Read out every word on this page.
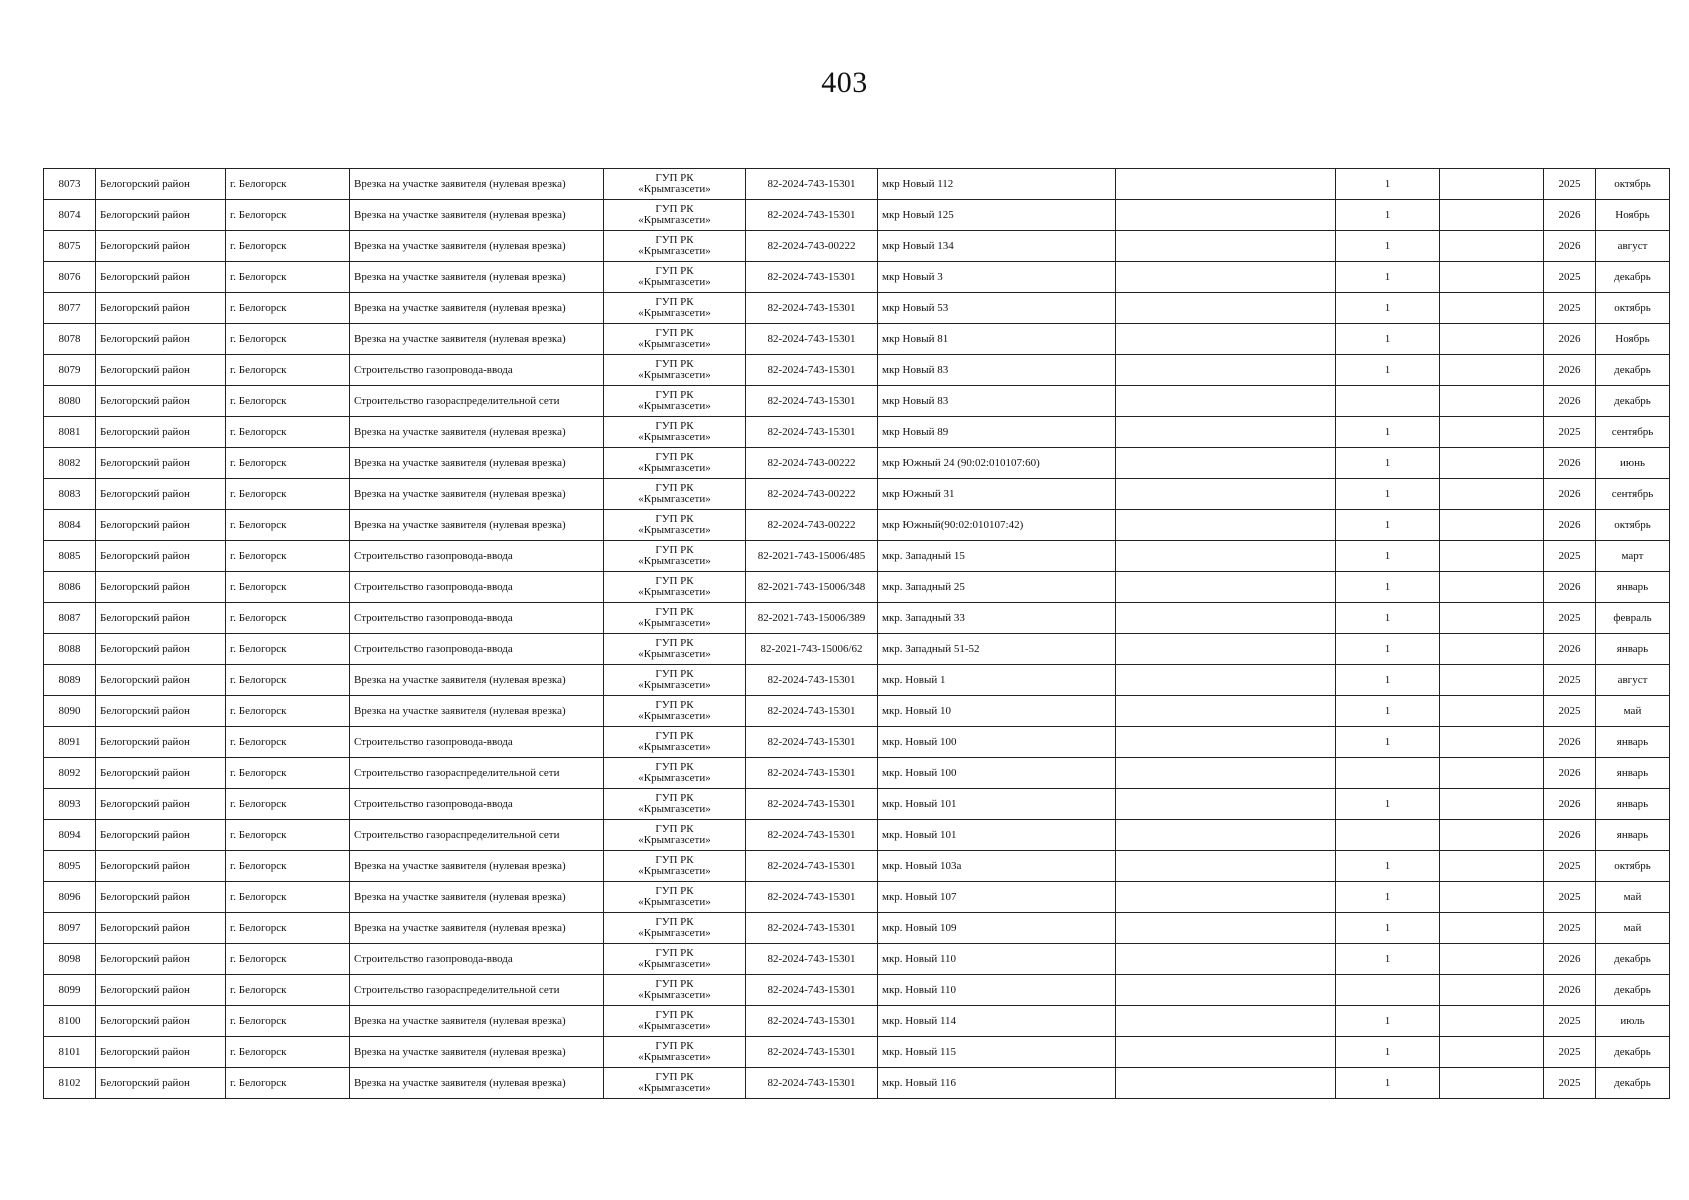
403
8073	Белогорский район	г. Белогорск	Врезка на участке заявителя (нулевая врезка)	ГУП РК
«Крымгазсети»	82-2024-743-15301	мкр Новый 112		1		2025	октябрь
8074	Белогорский район	г. Белогорск	Врезка на участке заявителя (нулевая врезка)	ГУП РК
«Крымгазсети»	82-2024-743-15301	мкр Новый 125		1		2026	Ноябрь
8075	Белогорский район	г. Белогорск	Врезка на участке заявителя (нулевая врезка)	ГУП РК
«Крымгазсети»	82-2024-743-00222	мкр Новый 134		1		2026	август
8076	Белогорский район	г. Белогорск	Врезка на участке заявителя (нулевая врезка)	ГУП РК
«Крымгазсети»	82-2024-743-15301	мкр Новый 3		1		2025	декабрь
8077	Белогорский район	г. Белогорск	Врезка на участке заявителя (нулевая врезка)	ГУП РК
«Крымгазсети»	82-2024-743-15301	мкр Новый 53		1		2025	октябрь
8078	Белогорский район	г. Белогорск	Врезка на участке заявителя (нулевая врезка)	ГУП РК
«Крымгазсети»	82-2024-743-15301	мкр Новый 81		1		2026	Ноябрь
8079	Белогорский район	г. Белогорск	Строительство газопровода-ввода	ГУП РК
«Крымгазсети»	82-2024-743-15301	мкр Новый 83		1		2026	декабрь
8080	Белогорский район	г. Белогорск	Строительство газораспределительной сети	ГУП РК
«Крымгазсети»	82-2024-743-15301	мкр Новый 83				2026	декабрь
8081	Белогорский район	г. Белогорск	Врезка на участке заявителя (нулевая врезка)	ГУП РК
«Крымгазсети»	82-2024-743-15301	мкр Новый 89		1		2025	сентябрь
8082	Белогорский район	г. Белогорск	Врезка на участке заявителя (нулевая врезка)	ГУП РК
«Крымгазсети»	82-2024-743-00222	мкр Южный 24 (90:02:010107:60)		1		2026	июнь
8083	Белогорский район	г. Белогорск	Врезка на участке заявителя (нулевая врезка)	ГУП РК
«Крымгазсети»	82-2024-743-00222	мкр Южный 31		1		2026	сентябрь
8084	Белогорский район	г. Белогорск	Врезка на участке заявителя (нулевая врезка)	ГУП РК
«Крымгазсети»	82-2024-743-00222	мкр Южный(90:02:010107:42)		1		2026	октябрь
8085	Белогорский район	г. Белогорск	Строительство газопровода-ввода	ГУП РК
«Крымгазсети»	82-2021-743-15006/485	мкр. Западный 15		1		2025	март
8086	Белогорский район	г. Белогорск	Строительство газопровода-ввода	ГУП РК
«Крымгазсети»	82-2021-743-15006/348	мкр. Западный 25		1		2026	январь
8087	Белогорский район	г. Белогорск	Строительство газопровода-ввода	ГУП РК
«Крымгазсети»	82-2021-743-15006/389	мкр. Западный 33		1		2025	февраль
8088	Белогорский район	г. Белогорск	Строительство газопровода-ввода	ГУП РК
«Крымгазсети»	82-2021-743-15006/62	мкр. Западный 51-52		1		2026	январь
8089	Белогорский район	г. Белогорск	Врезка на участке заявителя (нулевая врезка)	ГУП РК
«Крымгазсети»	82-2024-743-15301	мкр. Новый 1		1		2025	август
8090	Белогорский район	г. Белогорск	Врезка на участке заявителя (нулевая врезка)	ГУП РК
«Крымгазсети»	82-2024-743-15301	мкр. Новый 10		1		2025	май
8091	Белогорский район	г. Белогорск	Строительство газопровода-ввода	ГУП РК
«Крымгазсети»	82-2024-743-15301	мкр. Новый 100		1		2026	январь
8092	Белогорский район	г. Белогорск	Строительство газораспределительной сети	ГУП РК
«Крымгазсети»	82-2024-743-15301	мкр. Новый 100				2026	январь
8093	Белогорский район	г. Белогорск	Строительство газопровода-ввода	ГУП РК
«Крымгазсети»	82-2024-743-15301	мкр. Новый 101		1		2026	январь
8094	Белогорский район	г. Белогорск	Строительство газораспределительной сети	ГУП РК
«Крымгазсети»	82-2024-743-15301	мкр. Новый 101				2026	январь
8095	Белогорский район	г. Белогорск	Врезка на участке заявителя (нулевая врезка)	ГУП РК
«Крымгазсети»	82-2024-743-15301	мкр. Новый 103а		1		2025	октябрь
8096	Белогорский район	г. Белогорск	Врезка на участке заявителя (нулевая врезка)	ГУП РК
«Крымгазсети»	82-2024-743-15301	мкр. Новый 107		1		2025	май
8097	Белогорский район	г. Белогорск	Врезка на участке заявителя (нулевая врезка)	ГУП РК
«Крымгазсети»	82-2024-743-15301	мкр. Новый 109		1		2025	май
8098	Белогорский район	г. Белогорск	Строительство газопровода-ввода	ГУП РК
«Крымгазсети»	82-2024-743-15301	мкр. Новый 110		1		2026	декабрь
8099	Белогорский район	г. Белогорск	Строительство газораспределительной сети	ГУП РК
«Крымгазсети»	82-2024-743-15301	мкр. Новый 110				2026	декабрь
8100	Белогорский район	г. Белогорск	Врезка на участке заявителя (нулевая врезка)	ГУП РК
«Крымгазсети»	82-2024-743-15301	мкр. Новый 114		1		2025	июль
8101	Белогорский район	г. Белогорск	Врезка на участке заявителя (нулевая врезка)	ГУП РК
«Крымгазсети»	82-2024-743-15301	мкр. Новый 115		1		2025	декабрь
8102	Белогорский район	г. Белогорск	Врезка на участке заявителя (нулевая врезка)	ГУП РК
«Крымгазсети»	82-2024-743-15301	мкр. Новый 116		1		2025	декабрь
